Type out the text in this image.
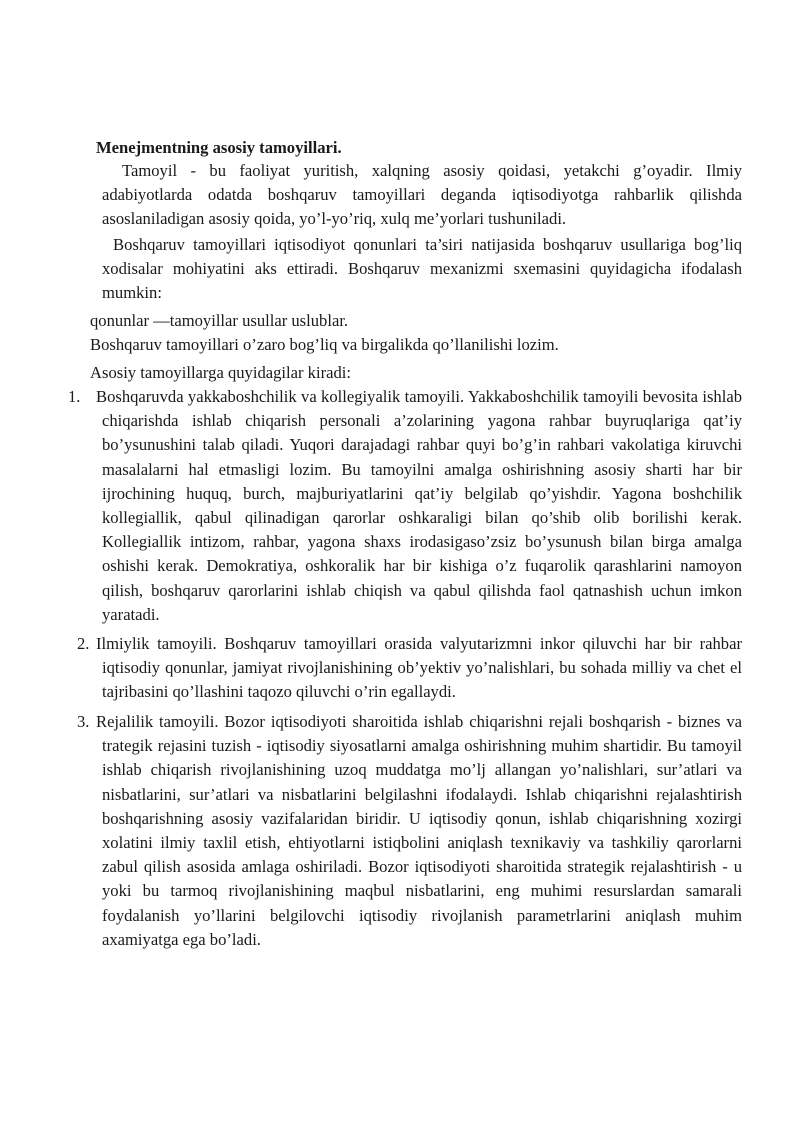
Menejmentning asosiy tamoyillari.

Tamoyil - bu faoliyat yuritish, xalqning asosiy qoidasi, yetakchi g’oyadir. Ilmiy adabiyotlarda odatda boshqaruv tamoyillari deganda iqtisodiyotga rahbarlik qilishda asoslaniladigan asosiy qoida, yo’l-yo’riq, xulq me’yorlari tushuniladi.

Boshqaruv tamoyillari iqtisodiyot qonunlari ta’siri natijasida boshqaruv usullariga bog’liq xodisalar mohiyatini aks ettiradi. Boshqaruv mexanizmi sxemasini quyidagicha ifodalash mumkin:

qonunlar —tamoyillar usullar uslublar.

Boshqaruv tamoyillari o’zaro bog’liq va birgalikda qo’llanilishi lozim.

Asosiy tamoyillarga quyidagilar kiradi:

1. Boshqaruvda yakkaboshchilik va kollegiyalik tamoyili. Yakkaboshchilik tamoyili bevosita ishlab chiqarishda ishlab chiqarish personali a’zolarining yagona rahbar buyruqlariga qat’iy bo’ysunushini talab qiladi. Yuqori darajadagi rahbar quyi bo’g’in rahbari vakolatiga kiruvchi masalalarni hal etmasligi lozim. Bu tamoyilni amalga oshirishning asosiy sharti har bir ijrochining huquq, burch, majburiyatlarini qat’iy belgilab qo’yishdir. Yagona boshchilik kollegiallik, qabul qilinadigan qarorlar oshkaraligi bilan qo’shib olib borilishi kerak. Kollegiallik intizom, rahbar, yagona shaxs irodasigaso’zsiz bo’ysunush bilan birga amalga oshishi kerak. Demokratiya, oshkoralik har bir kishiga o’z fuqarolik qarashlarini namoyon qilish, boshqaruv qarorlarini ishlab chiqish va qabul qilishda faol qatnashish uchun imkon yaratadi.
2. Ilmiylik tamoyili. Boshqaruv tamoyillari orasida valyutarizmni inkor qiluvchi har bir rahbar iqtisodiy qonunlar, jamiyat rivojlanishining ob’yektiv yo’nalishlari, bu sohada milliy va chet el tajribasini qo’llashini taqozo qiluvchi o’rin egallaydi.
3. Rejalilik tamoyili. Bozor iqtisodiyoti sharoitida ishlab chiqarishni rejali boshqarish - biznes va trategik rejasini tuzish - iqtisodiy siyosatlarni amalga oshirishning muhim shartidir. Bu tamoyil ishlab chiqarish rivojlanishining uzoq muddatga mo’lj allangan yo’nalishlari, sur’atlari va nisbatlarini, sur’atlari va nisbatlarini belgilashni ifodalaydi. Ishlab chiqarishni rejalashtirish boshqarishning asosiy vazifalaridan biridir. U iqtisodiy qonun, ishlab chiqarishning xozirgi xolatini ilmiy taxlil etish, ehtiyotlarni istiqbolini aniqlash texnikaviy va tashkiliy qarorlarni zabul qilish asosida amlaga oshiriladi. Bozor iqtisodiyoti sharoitida strategik rejalashtirish - u yoki bu tarmoq rivojlanishining maqbul nisbatlarini, eng muhimi resurslardan samarali foydalanish yo’llarini belgilovchi iqtisodiy rivojlanish parametrlarini aniqlash muhim axamiyatga ega bo’ladi.
